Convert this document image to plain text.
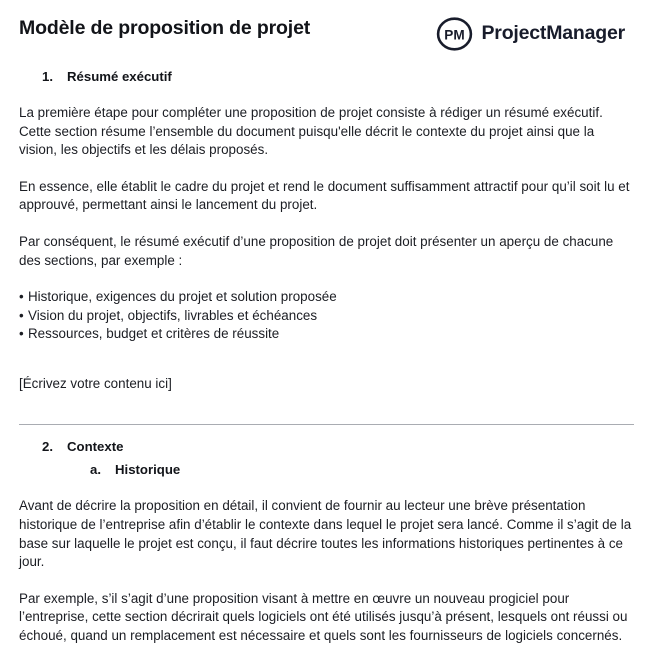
Modèle de proposition de projet	PM ProjectManager
1.	Résumé exécutif

La première étape pour compléter une proposition de projet consiste à rédiger un résumé exécutif. Cette section résume l’ensemble du document puisqu'elle décrit le contexte du projet ainsi que la vision, les objectifs et les délais proposés.

En essence, elle établit le cadre du projet et rend le document suffisamment attractif pour qu’il soit lu et approuvé, permettant ainsi le lancement du projet.

Par conséquent, le résumé exécutif d’une proposition de projet doit présenter un aperçu de chacune des sections, par exemple :

• Historique, exigences du projet et solution proposée
• Vision du projet, objectifs, livrables et échéances
• Ressources, budget et critères de réussite

[Écrivez votre contenu ici]

2.	Contexte
a.	Historique

Avant de décrire la proposition en détail, il convient de fournir au lecteur une brève présentation historique de l’entreprise afin d’établir le contexte dans lequel le projet sera lancé. Comme il s’agit de la base sur laquelle le projet est conçu, il faut décrire toutes les informations historiques pertinentes à ce jour.

Par exemple, s’il s’agit d’une proposition visant à mettre en œuvre un nouveau progiciel pour l’entreprise, cette section décrirait quels logiciels ont été utilisés jusqu’à présent, lesquels ont réussi ou échoué, quand un remplacement est nécessaire et quels sont les fournisseurs de logiciels concernés.
